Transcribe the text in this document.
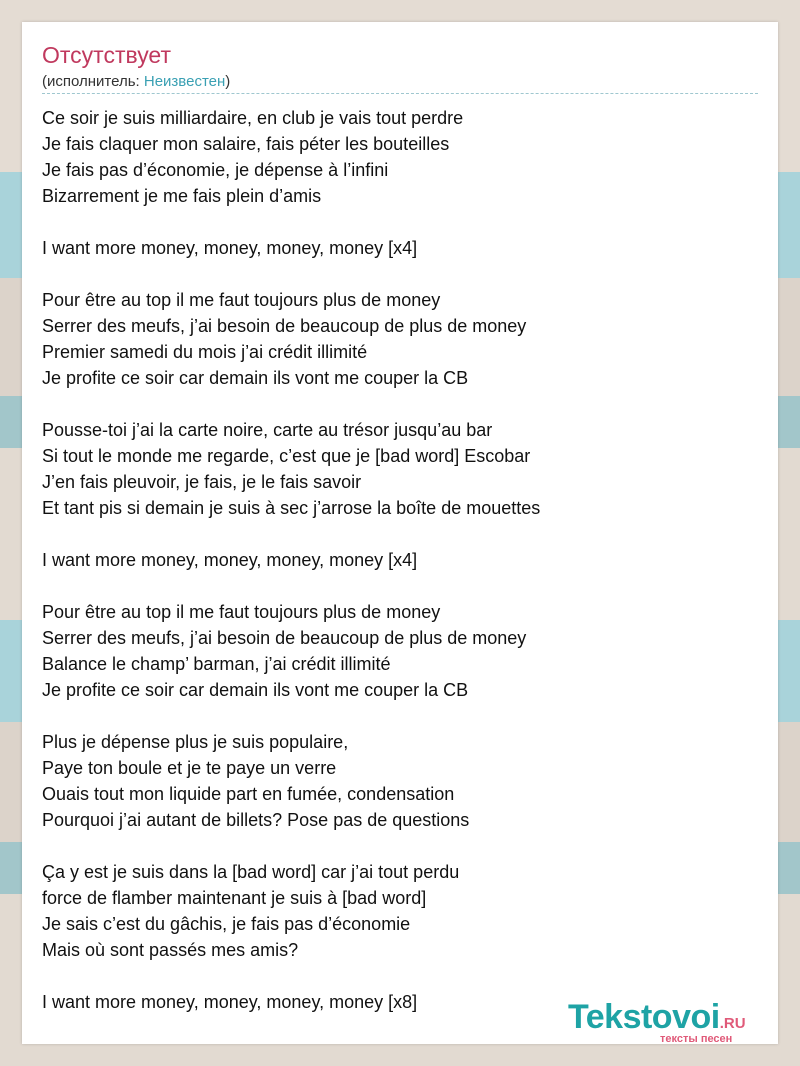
Отсутствует
(исполнитель: Неизвестен)
Ce soir je suis milliardaire, en club je vais tout perdre
Je fais claquer mon salaire, fais péter les bouteilles
Je fais pas d’économie, je dépense à l’infini
Bizarrement je me fais plein d’amis
I want more money, money, money, money [x4]
Pour être au top il me faut toujours plus de money
Serrer des meufs, j’ai besoin de beaucoup de plus de money
Premier samedi du mois j’ai crédit illimité
Je profite ce soir car demain ils vont me couper la CB
Pousse-toi j’ai la carte noire, carte au trésor jusqu’au bar
Si tout le monde me regarde, c’est que je [bad word] Escobar
J’en fais pleuvoir, je fais, je le fais savoir
Et tant pis si demain je suis à sec j’arrose la boîte de mouettes
I want more money, money, money, money [x4]
Pour être au top il me faut toujours plus de money
Serrer des meufs, j’ai besoin de beaucoup de plus de money
Balance le champ’ barman, j’ai crédit illimité
Je profite ce soir car demain ils vont me couper la CB
Plus je dépense plus je suis populaire,
Paye ton boule et je te paye un verre
Ouais tout mon liquide part en fumée, condensation
Pourquoi j’ai autant de billets? Pose pas de questions
Ça y est je suis dans la [bad word] car j’ai tout perdu
force de flamber maintenant je suis à [bad word]
Je sais c’est du gâchis, je fais pas d’économie
Mais où sont passés mes amis?
I want more money, money, money, money [x8]	Tekstovoi.RU
тексты песен
